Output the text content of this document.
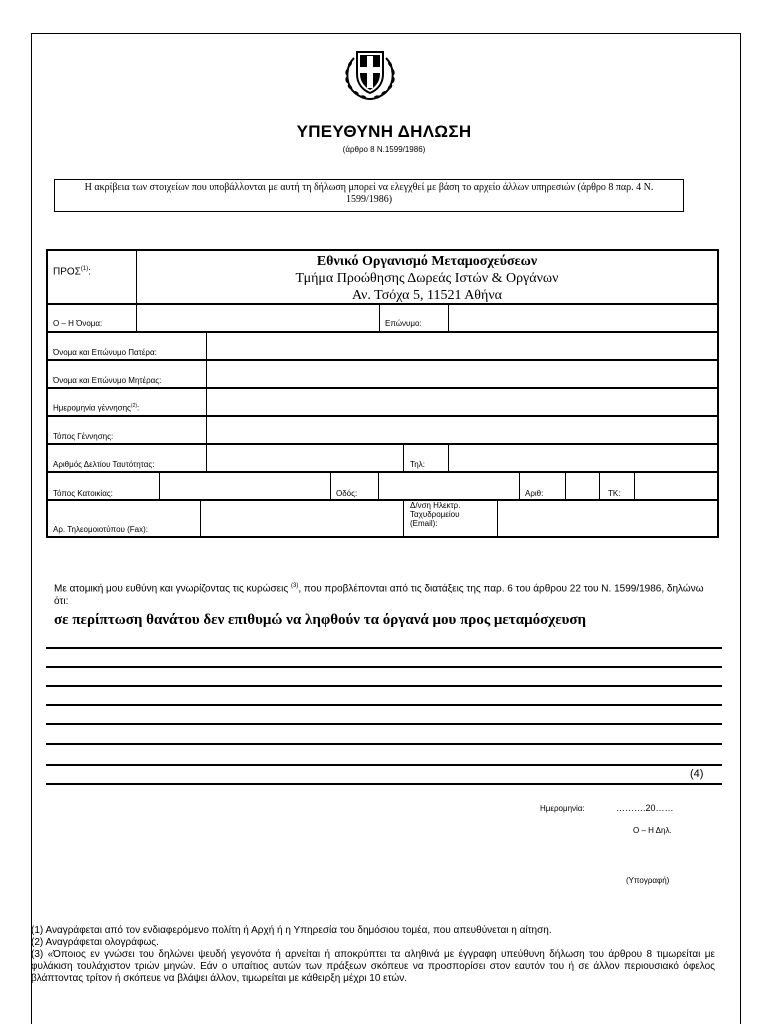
ΥΠΕΥΘΥΝΗ ΔΗΛΩΣΗ
(άρθρο 8 Ν.1599/1986)
Η ακρίβεια των στοιχείων που υποβάλλονται με αυτή τη δήλωση μπορεί να ελεγχθεί με βάση το αρχείο άλλων υπηρεσιών (άρθρο 8 παρ. 4 Ν. 1599/1986)
ΠΡΟΣ$^{(1)}$:
Εθνικό Οργανισμό Μεταμοσχεύσεων
Τμήμα Προώθησης Δωρεάς Ιστών & Οργάνων
Αν. Τσόχα 5, 11521 Αθήνα
Ο – Η Όνομα:	Επώνυμο:
Όνομα και Επώνυμο Πατέρα:
Όνομα και Επώνυμο Μητέρας:
Ημερομηνία γέννησης$^{(2)}$:
Τόπος Γέννησης:
Αριθμός Δελτίου Ταυτότητας:	Τηλ:
Τόπος Κατοικίας:	Οδός:	Αριθ:	ΤΚ:
Αρ. Τηλεομοιοτύπου (Fax):
Δ/νση Ηλεκτρ.
Ταχυδρομείου
(Email):
Με ατομική μου ευθύνη και γνωρίζοντας τις κυρώσεις $^{(3)}$, που προβλέπονται από τις διατάξεις της παρ. 6 του άρθρου 22 του Ν. 1599/1986, δηλώνω ότι:
σε περίπτωση θανάτου δεν επιθυμώ να ληφθούν τα όργανά μου προς μεταμόσχευση
(4)
Ημερομηνία:	……….20……
Ο – Η Δηλ.
(Υπογραφή)

(1) Αναγράφεται από τον ενδιαφερόμενο πολίτη ή Αρχή ή η Υπηρεσία του δημόσιου τομέα, που απευθύνεται η αίτηση.

(2) Αναγράφεται ολογράφως.

(3) «Όποιος εν γνώσει του δηλώνει ψευδή γεγονότα ή αρνείται ή αποκρύπτει τα αληθινά με έγγραφη υπεύθυνη δήλωση του άρθρου 8 τιμωρείται με φυλάκιση τουλάχιστον τριών μηνών. Εάν ο υπαίτιος αυτών των πράξεων σκόπευε να προσπορίσει στον εαυτόν του ή σε άλλον περιουσιακό όφελος βλάπτοντας τρίτον ή σκόπευε να βλάψει άλλον, τιμωρείται με κάθειρξη μέχρι 10 ετών.
